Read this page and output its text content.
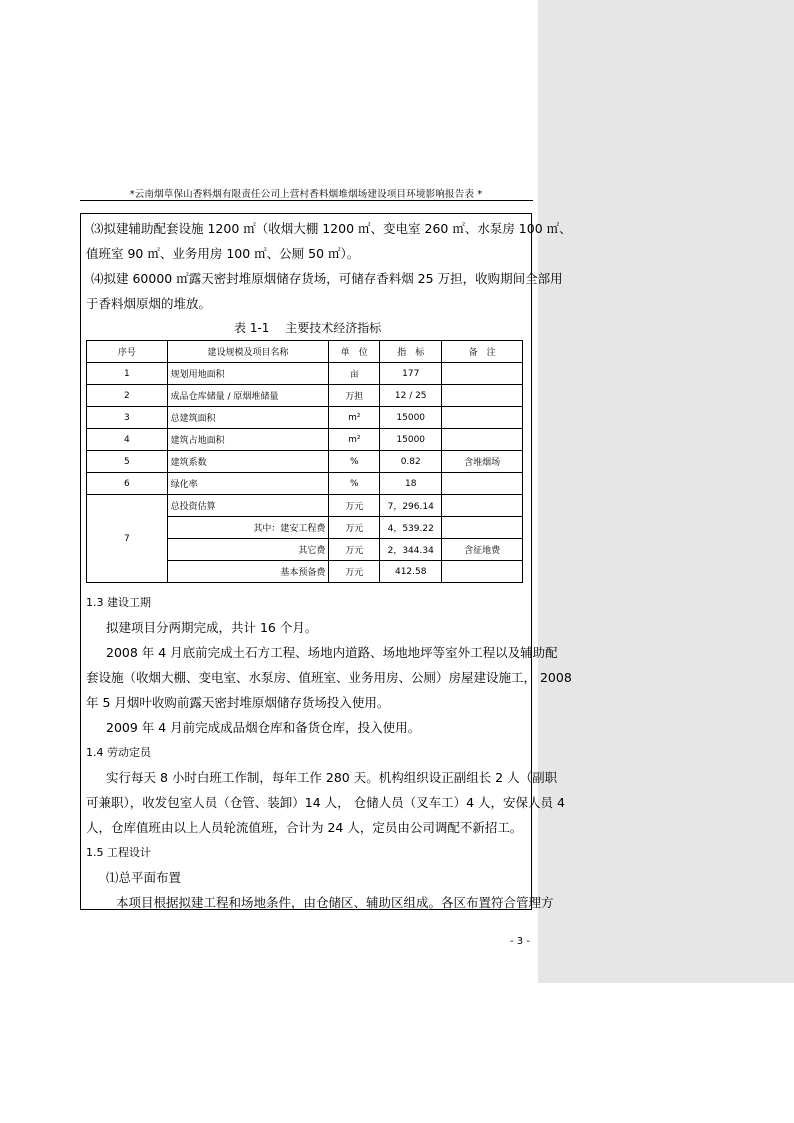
*云南烟草保山香料烟有限责任公司上营村香料烟堆烟场建设项目环境影响报告表 *
⑶拟建辅助配套设施 1200 ㎡（收烟大棚 1200 ㎡、变电室 260 ㎡、水泵房 100 ㎡、
值班室 90 ㎡、业务用房 100 ㎡、公厕 50 ㎡）。
⑷拟建 60000 ㎡露天密封堆原烟储存货场，可储存香料烟 25 万担，收购期间全部用
于香料烟原烟的堆放。
表 1-1　 主要技术经济指标
序号	建设规模及项目名称	单　位	指　标	备　注
1	规划用地面积	亩	177	
2	成品仓库储量 / 原烟堆储量	万担	12 / 25	
3	总建筑面积	m²	15000	
4	建筑占地面积	m²	15000	
5	建筑系数	%	0.82	含堆烟场
6	绿化率	%	18	
7	总投资估算	万元	7，296.14	
	其中：建安工程费	万元	4，539.22	
	其它费	万元	2，344.34	含征地费
	基本预备费	万元	412.58	
1.3 建设工期
拟建项目分两期完成，共计 16 个月。
2008 年 4 月底前完成土石方工程、场地内道路、场地地坪等室外工程以及辅助配
套设施（收烟大棚、变电室、水泵房、值班室、业务用房、公厕）房屋建设施工， 2008
年 5 月烟叶收购前露天密封堆原烟储存货场投入使用。
2009 年 4 月前完成成品烟仓库和备货仓库，投入使用。
1.4 劳动定员
实行每天 8 小时白班工作制，每年工作 280 天。机构组织设正副组长 2 人（副职
可兼职），收发包室人员（仓管、装卸）14 人， 仓储人员（叉车工）4 人，安保人员 4
人，仓库值班由以上人员轮流值班，合计为 24 人，定员由公司调配不新招工。
1.5 工程设计
⑴总平面布置
本项目根据拟建工程和场地条件，由仓储区、辅助区组成。各区布置符合管理方
- 3 -
